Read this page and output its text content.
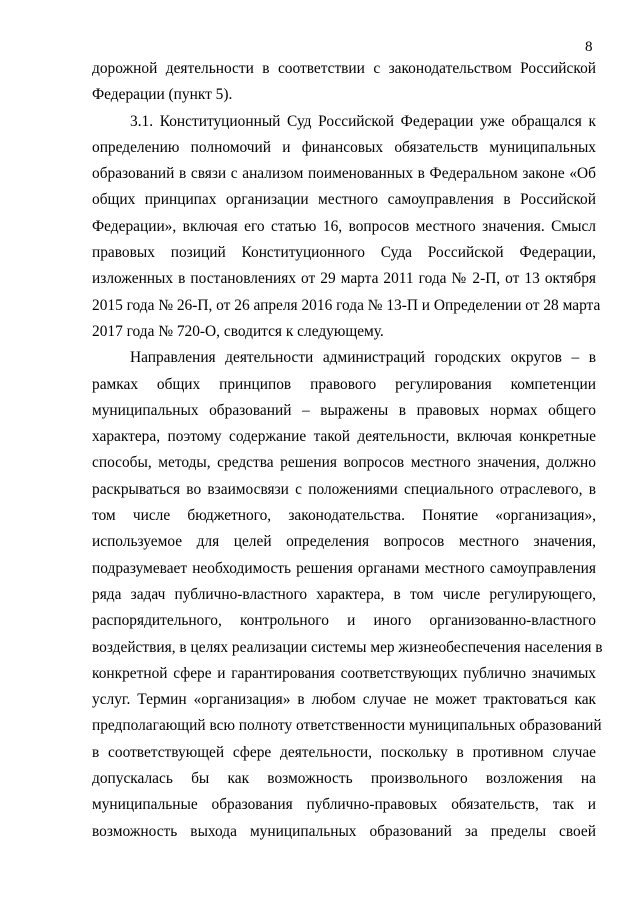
8
дорожной деятельности в соответствии с законодательством Российской
Федерации (пункт 5).
3.1. Конституционный Суд Российской Федерации уже обращался к
определению полномочий и финансовых обязательств муниципальных
образований в связи с анализом поименованных в Федеральном законе «Об
общих принципах организации местного самоуправления в Российской
Федерации», включая его статью 16, вопросов местного значения. Смысл
правовых позиций Конституционного Суда Российской Федерации,
изложенных в постановлениях от 29 марта 2011 года № 2-П, от 13 октября
2015 года № 26-П, от 26 апреля 2016 года № 13-П и Определении от 28 марта
2017 года № 720-О, сводится к следующему.
Направления деятельности администраций городских округов – в
рамках общих принципов правового регулирования компетенции
муниципальных образований – выражены в правовых нормах общего
характера, поэтому содержание такой деятельности, включая конкретные
способы, методы, средства решения вопросов местного значения, должно
раскрываться во взаимосвязи с положениями специального отраслевого, в
том числе бюджетного, законодательства. Понятие «организация»,
используемое для целей определения вопросов местного значения,
подразумевает необходимость решения органами местного самоуправления
ряда задач публично-властного характера, в том числе регулирующего,
распорядительного, контрольного и иного организованно-властного
воздействия, в целях реализации системы мер жизнеобеспечения населения в
конкретной сфере и гарантирования соответствующих публично значимых
услуг. Термин «организация» в любом случае не может трактоваться как
предполагающий всю полноту ответственности муниципальных образований
в соответствующей сфере деятельности, поскольку в противном случае
допускалась бы как возможность произвольного возложения на
муниципальные образования публично-правовых обязательств, так и
возможность выхода муниципальных образований за пределы своей
